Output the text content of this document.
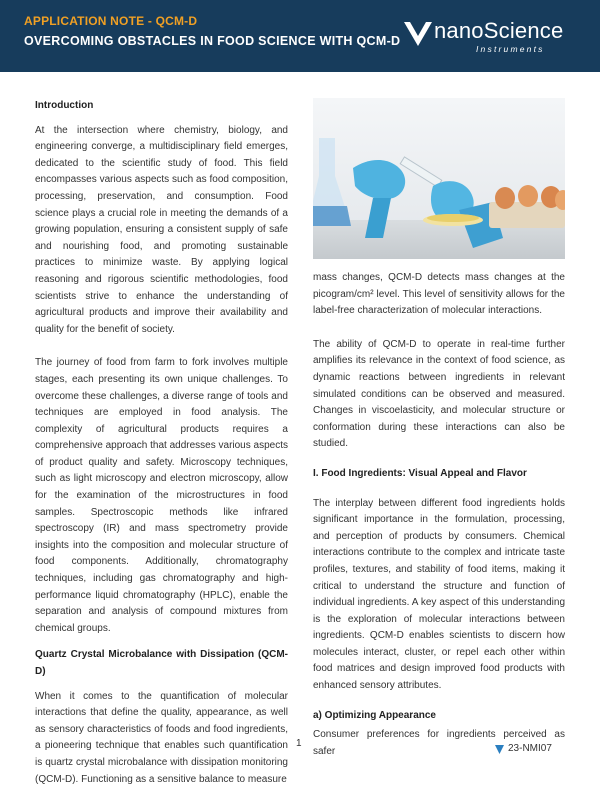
APPLICATION NOTE - QCM-D
OVERCOMING OBSTACLES IN FOOD SCIENCE WITH QCM-D nanoScience
Instruments
Introduction

At the intersection where chemistry, biology, and engineering converge, a multidisciplinary field emerges, dedicated to the scientific study of food. This field encompasses various aspects such as food composition, processing, preservation, and consumption. Food science plays a crucial role in meeting the demands of a growing population, ensuring a consistent supply of safe and nourishing food, and promoting sustainable practices to minimize waste. By applying logical reasoning and rigorous scientific methodologies, food scientists strive to enhance the understanding of agricultural products and improve their availability and quality for the benefit of society.

The journey of food from farm to fork involves multiple stages, each presenting its own unique challenges. To overcome these challenges, a diverse range of tools and techniques are employed in food analysis. The complexity of agricultural products requires a comprehensive approach that addresses various aspects of product quality and safety. Microscopy techniques, such as light microscopy and electron microscopy, allow for the examination of the microstructures in food samples. Spectroscopic methods like infrared spectroscopy (IR) and mass spectrometry provide insights into the composition and molecular structure of food components. Additionally, chromatography techniques, including gas chromatography and high-performance liquid chromatography (HPLC), enable the separation and analysis of compound mixtures from chemical groups.

Quartz Crystal Microbalance with Dissipation (QCM-D)

When it comes to the quantification of molecular interactions that define the quality, appearance, as well as sensory characteristics of foods and food ingredients, a pioneering technique that enables such quantification is quartz crystal microbalance with dissipation monitoring (QCM-D). Functioning as a sensitive balance to measure

mass changes, QCM-D detects mass changes at the picogram/cm² level. This level of sensitivity allows for the label-free characterization of molecular interactions.

The ability of QCM-D to operate in real-time further amplifies its relevance in the context of food science, as dynamic reactions between ingredients in relevant simulated conditions can be observed and measured. Changes in viscoelasticity, and molecular structure or conformation during these interactions can also be studied.

I. Food Ingredients: Visual Appeal and Flavor

The interplay between different food ingredients holds significant importance in the formulation, processing, and perception of products by consumers. Chemical interactions contribute to the complex and intricate taste profiles, textures, and stability of food items, making it critical to understand the structure and function of individual ingredients. A key aspect of this understanding is the exploration of molecular interactions between ingredients. QCM-D enables scientists to discern how molecules interact, cluster, or repel each other within food matrices and design improved food products with enhanced sensory attributes.

a) Optimizing Appearance

Consumer preferences for ingredients perceived as safer

1	23-NMI07
